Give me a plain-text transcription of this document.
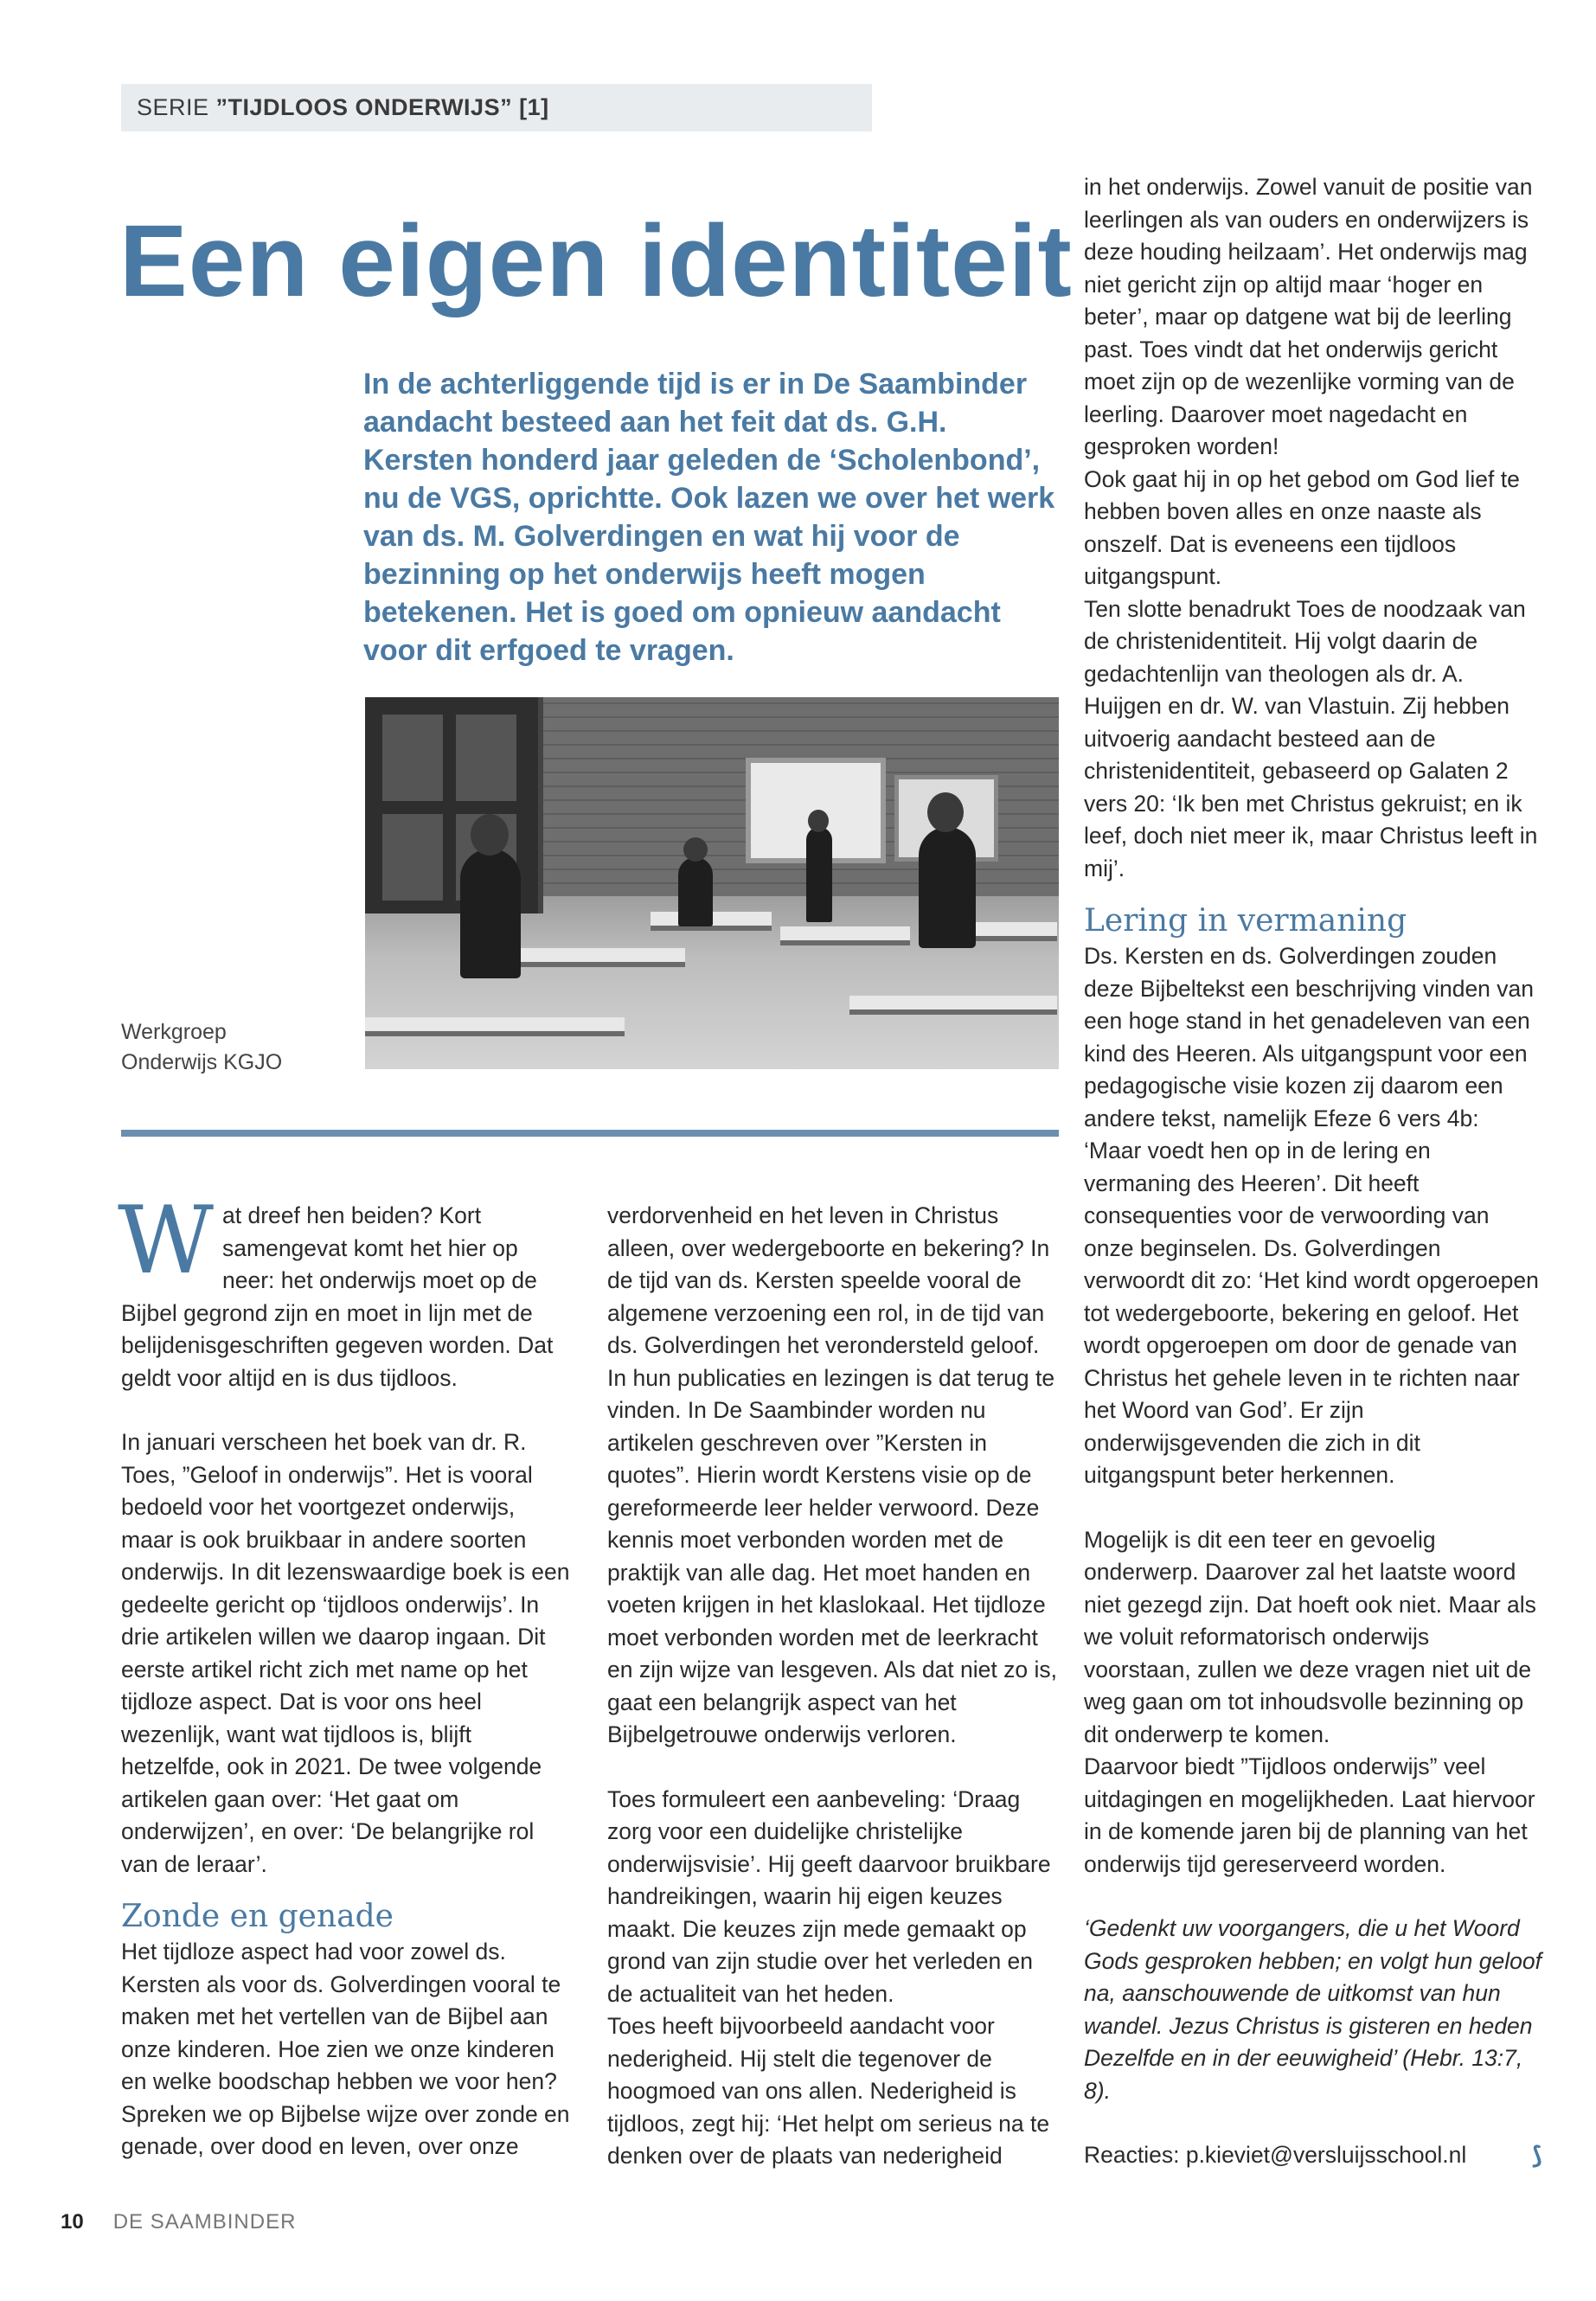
SERIE ”TIJDLOOS ONDERWIJS” [1]
Een eigen identiteit

In de achterliggende tijd is er in De Saambinder aandacht besteed aan het feit dat ds. G.H. Kersten honderd jaar geleden de ‘Scholenbond’, nu de VGS, oprichtte. Ook lazen we over het werk van ds. M. Golverdingen en wat hij voor de bezinning op het onderwijs heeft mogen betekenen. Het is goed om opnieuw aandacht voor dit erfgoed te vragen.

Werkgroep
Onderwijs KGJO

Wat dreef hen beiden? Kort samengevat komt het hier op neer: het onderwijs moet op de Bijbel gegrond zijn en moet in lijn met de belijdenisgeschriften gegeven worden. Dat geldt voor altijd en is dus tijdloos.

In januari verscheen het boek van dr. R. Toes, ”Geloof in onderwijs”. Het is vooral bedoeld voor het voortgezet onderwijs, maar is ook bruikbaar in andere soorten onderwijs. In dit lezenswaardige boek is een gedeelte gericht op ‘tijdloos onderwijs’. In drie artikelen willen we daarop ingaan. Dit eerste artikel richt zich met name op het tijdloze aspect. Dat is voor ons heel wezenlijk, want wat tijdloos is, blijft hetzelfde, ook in 2021. De twee volgende artikelen gaan over: ‘Het gaat om onderwijzen’, en over: ‘De belangrijke rol van de leraar’.

Zonde en genade

Het tijdloze aspect had voor zowel ds. Kersten als voor ds. Golverdingen vooral te maken met het vertellen van de Bijbel aan onze kinderen. Hoe zien we onze kinderen en welke boodschap hebben we voor hen? Spreken we op Bijbelse wijze over zonde en genade, over dood en leven, over onze

verdorvenheid en het leven in Christus alleen, over wedergeboorte en bekering? In de tijd van ds. Kersten speelde vooral de algemene verzoening een rol, in de tijd van ds. Golverdingen het verondersteld geloof. In hun publicaties en lezingen is dat terug te vinden. In De Saambinder worden nu artikelen geschreven over ”Kersten in quotes”. Hierin wordt Kerstens visie op de gereformeerde leer helder verwoord. Deze kennis moet verbonden worden met de praktijk van alle dag. Het moet handen en voeten krijgen in het klaslokaal. Het tijdloze moet verbonden worden met de leerkracht en zijn wijze van lesgeven. Als dat niet zo is, gaat een belangrijk aspect van het Bijbelgetrouwe onderwijs verloren.

Toes formuleert een aanbeveling: ‘Draag zorg voor een duidelijke christelijke onderwijsvisie’. Hij geeft daarvoor bruikbare handreikingen, waarin hij eigen keuzes maakt. Die keuzes zijn mede gemaakt op grond van zijn studie over het verleden en de actualiteit van het heden.

Toes heeft bijvoorbeeld aandacht voor nederigheid. Hij stelt die tegenover de hoogmoed van ons allen. Nederigheid is tijdloos, zegt hij: ‘Het helpt om serieus na te denken over de plaats van nederigheid

in het onderwijs. Zowel vanuit de positie van leerlingen als van ouders en onderwijzers is deze houding heilzaam’. Het onderwijs mag niet gericht zijn op altijd maar ‘hoger en beter’, maar op datgene wat bij de leerling past. Toes vindt dat het onderwijs gericht moet zijn op de wezenlijke vorming van de leerling. Daarover moet nagedacht en gesproken worden!

Ook gaat hij in op het gebod om God lief te hebben boven alles en onze naaste als onszelf. Dat is eveneens een tijdloos uitgangspunt.

Ten slotte benadrukt Toes de noodzaak van de christenidentiteit. Hij volgt daarin de gedachtenlijn van theologen als dr. A. Huijgen en dr. W. van Vlastuin. Zij hebben uitvoerig aandacht besteed aan de christenidentiteit, gebaseerd op Galaten 2 vers 20: ‘Ik ben met Christus gekruist; en ik leef, doch niet meer ik, maar Christus leeft in mij’.

Lering in vermaning

Ds. Kersten en ds. Golverdingen zouden deze Bijbeltekst een beschrijving vinden van een hoge stand in het genadeleven van een kind des Heeren. Als uitgangspunt voor een pedagogische visie kozen zij daarom een andere tekst, namelijk Efeze 6 vers 4b: ‘Maar voedt hen op in de lering en vermaning des Heeren’. Dit heeft consequenties voor de verwoording van onze beginselen. Ds. Golverdingen verwoordt dit zo: ‘Het kind wordt opgeroepen tot wedergeboorte, bekering en geloof. Het wordt opgeroepen om door de genade van Christus het gehele leven in te richten naar het Woord van God’. Er zijn onderwijsgevenden die zich in dit uitgangspunt beter herkennen.

Mogelijk is dit een teer en gevoelig onderwerp. Daarover zal het laatste woord niet gezegd zijn. Dat hoeft ook niet. Maar als we voluit reformatorisch onderwijs voorstaan, zullen we deze vragen niet uit de weg gaan om tot inhoudsvolle bezinning op dit onderwerp te komen.

Daarvoor biedt ”Tijdloos onderwijs” veel uitdagingen en mogelijkheden. Laat hiervoor in de komende jaren bij de planning van het onderwijs tijd gereserveerd worden.

‘Gedenkt uw voorgangers, die u het Woord Gods gesproken hebben; en volgt hun geloof na, aanschouwende de uitkomst van hun wandel. Jezus Christus is gisteren en heden Dezelfde en in der eeuwigheid’ (Hebr. 13:7, 8).

Reacties: p.kieviet@versluijsschool.nl	⟆

10 DE SAAMBINDER
